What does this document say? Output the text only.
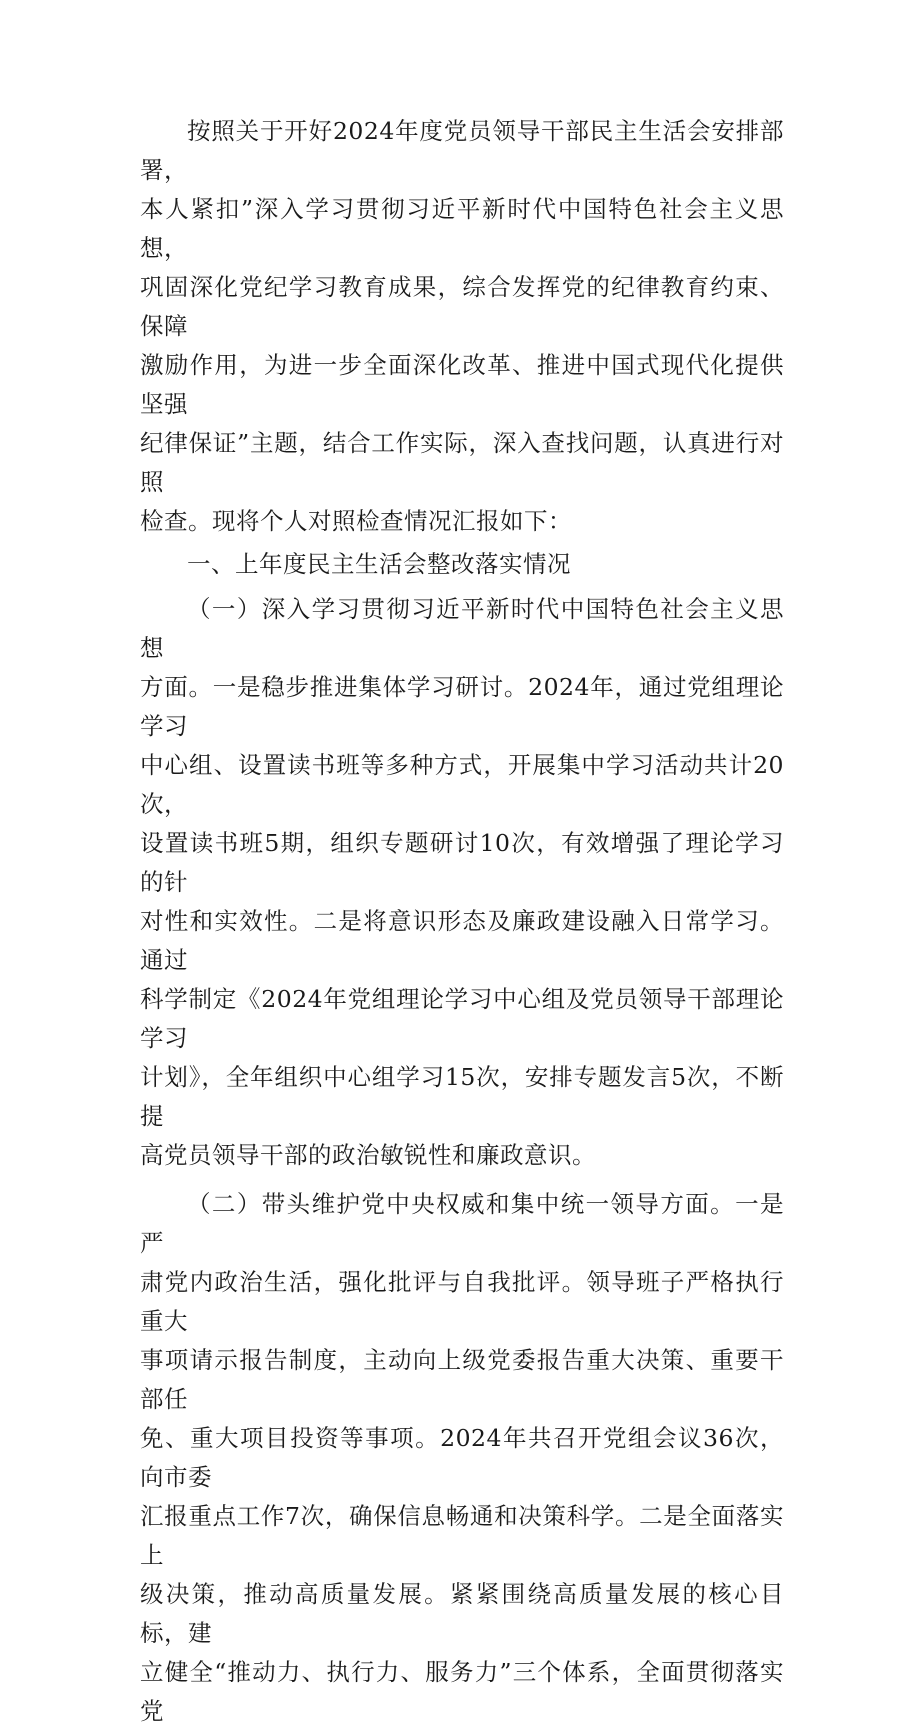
按照关于开好2024年度党员领导干部民主生活会安排部署，
本人紧扣”深入学习贯彻习近平新时代中国特色社会主义思想，
巩固深化党纪学习教育成果，综合发挥党的纪律教育约束、保障
激励作用，为进一步全面深化改革、推进中国式现代化提供坚强
纪律保证”主题，结合工作实际，深入查找问题，认真进行对照
检查。现将个人对照检查情况汇报如下：

一、上年度民主生活会整改落实情况

（一）深入学习贯彻习近平新时代中国特色社会主义思想
方面。一是稳步推进集体学习研讨。2024年，通过党组理论学习
中心组、设置读书班等多种方式，开展集中学习活动共计20次，
设置读书班5期，组织专题研讨10次，有效增强了理论学习的针
对性和实效性。二是将意识形态及廉政建设融入日常学习。通过
科学制定《2024年党组理论学习中心组及党员领导干部理论学习
计划》，全年组织中心组学习15次，安排专题发言5次，不断提
高党员领导干部的政治敏锐性和廉政意识。

（二）带头维护党中央权威和集中统一领导方面。一是严
肃党内政治生活，强化批评与自我批评。领导班子严格执行重大
事项请示报告制度，主动向上级党委报告重大决策、重要干部任
免、重大项目投资等事项。2024年共召开党组会议36次，向市委
汇报重点工作7次，确保信息畅通和决策科学。二是全面落实上
级决策，推动高质量发展。紧紧围绕高质量发展的核心目标，建
立健全“推动力、执行力、服务力”三个体系，全面贯彻落实党
